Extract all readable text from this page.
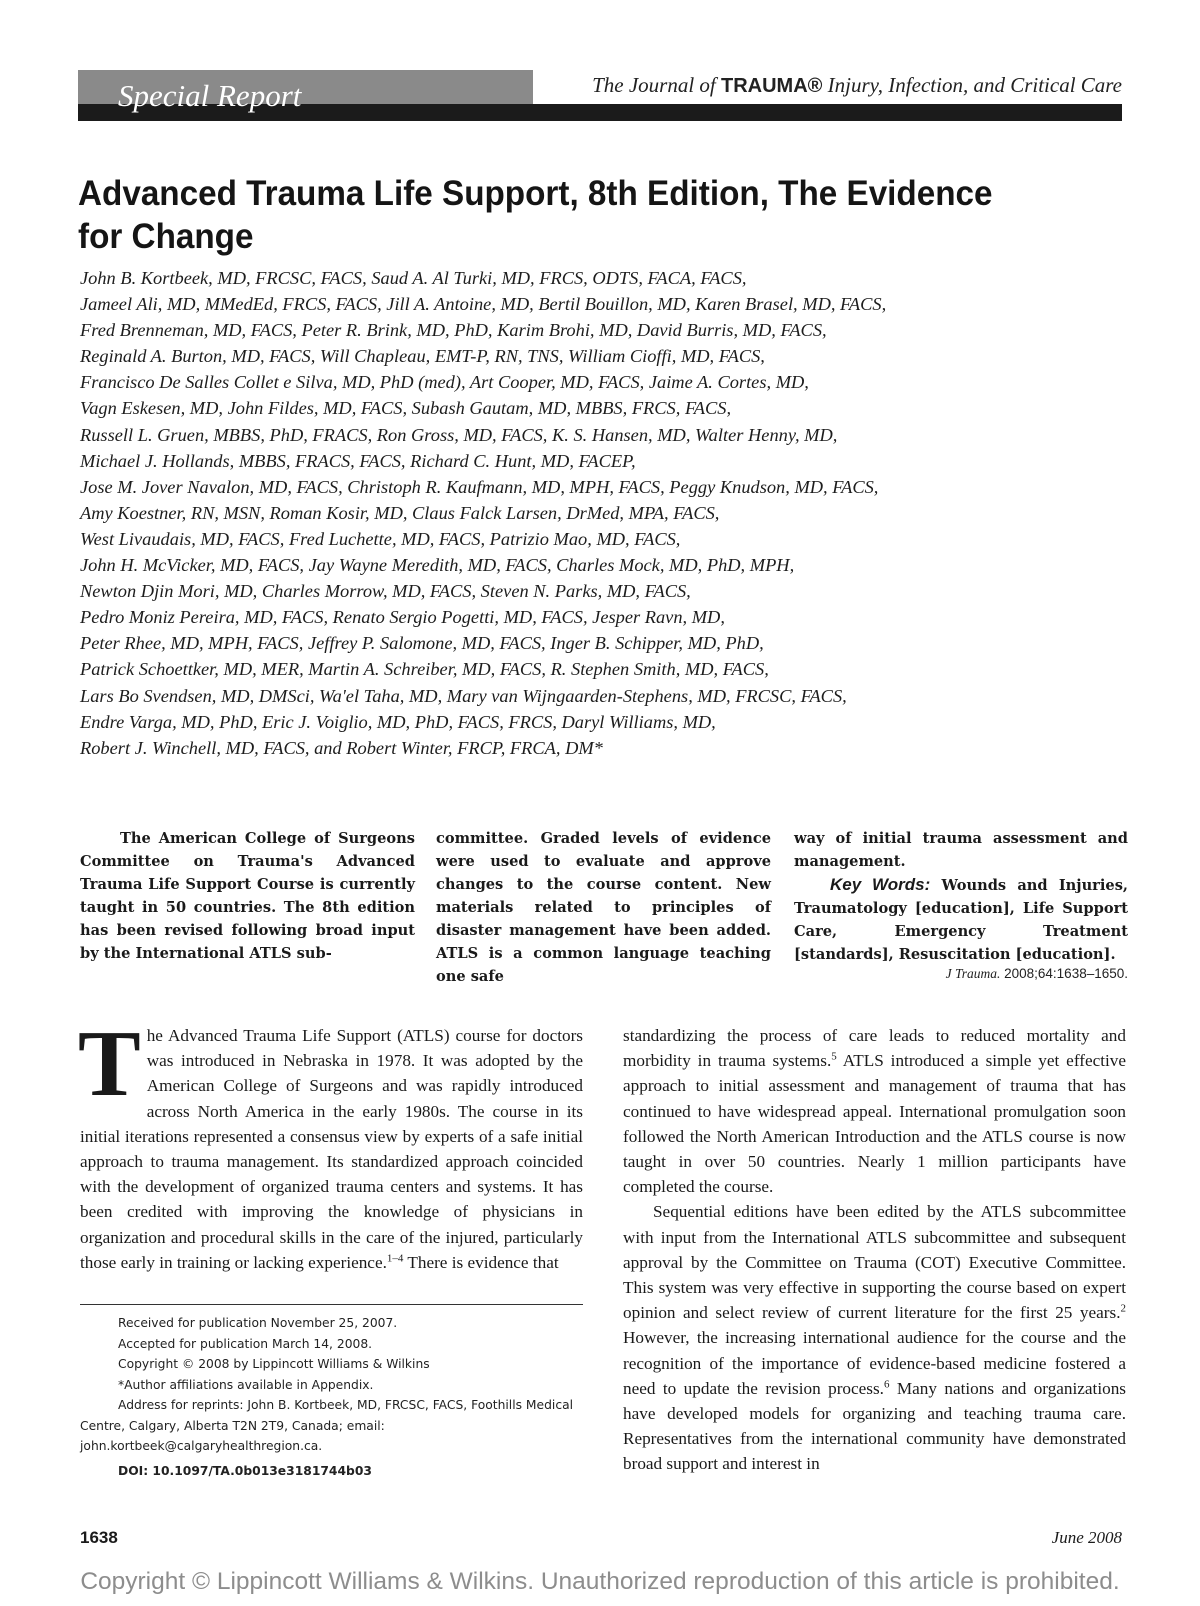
Special Report	The Journal of TRAUMA® Injury, Infection, and Critical Care
Advanced Trauma Life Support, 8th Edition, The Evidence
for Change
John B. Kortbeek, MD, FRCSC, FACS, Saud A. Al Turki, MD, FRCS, ODTS, FACA, FACS,
Jameel Ali, MD, MMedEd, FRCS, FACS, Jill A. Antoine, MD, Bertil Bouillon, MD, Karen Brasel, MD, FACS,
Fred Brenneman, MD, FACS, Peter R. Brink, MD, PhD, Karim Brohi, MD, David Burris, MD, FACS,
Reginald A. Burton, MD, FACS, Will Chapleau, EMT-P, RN, TNS, William Cioffi, MD, FACS,
Francisco De Salles Collet e Silva, MD, PhD (med), Art Cooper, MD, FACS, Jaime A. Cortes, MD,
Vagn Eskesen, MD, John Fildes, MD, FACS, Subash Gautam, MD, MBBS, FRCS, FACS,
Russell L. Gruen, MBBS, PhD, FRACS, Ron Gross, MD, FACS, K. S. Hansen, MD, Walter Henny, MD,
Michael J. Hollands, MBBS, FRACS, FACS, Richard C. Hunt, MD, FACEP,
Jose M. Jover Navalon, MD, FACS, Christoph R. Kaufmann, MD, MPH, FACS, Peggy Knudson, MD, FACS,
Amy Koestner, RN, MSN, Roman Kosir, MD, Claus Falck Larsen, DrMed, MPA, FACS,
West Livaudais, MD, FACS, Fred Luchette, MD, FACS, Patrizio Mao, MD, FACS,
John H. McVicker, MD, FACS, Jay Wayne Meredith, MD, FACS, Charles Mock, MD, PhD, MPH,
Newton Djin Mori, MD, Charles Morrow, MD, FACS, Steven N. Parks, MD, FACS,
Pedro Moniz Pereira, MD, FACS, Renato Sergio Pogetti, MD, FACS, Jesper Ravn, MD,
Peter Rhee, MD, MPH, FACS, Jeffrey P. Salomone, MD, FACS, Inger B. Schipper, MD, PhD,
Patrick Schoettker, MD, MER, Martin A. Schreiber, MD, FACS, R. Stephen Smith, MD, FACS,
Lars Bo Svendsen, MD, DMSci, Wa'el Taha, MD, Mary van Wijngaarden-Stephens, MD, FRCSC, FACS,
Endre Varga, MD, PhD, Eric J. Voiglio, MD, PhD, FACS, FRCS, Daryl Williams, MD,
Robert J. Winchell, MD, FACS, and Robert Winter, FRCP, FRCA, DM*
The American College of Surgeons Committee on Trauma's Advanced Trauma Life Support Course is currently taught in 50 countries. The 8th edition has been revised following broad input by the International ATLS sub-
committee. Graded levels of evidence were used to evaluate and approve changes to the course content. New materials related to principles of disaster management have been added. ATLS is a common language teaching one safe
way of initial trauma assessment and management.
Key Words: Wounds and Injuries, Traumatology [education], Life Support Care, Emergency Treatment [standards], Resuscitation [education].
J Trauma. 2008;64:1638–1650.
The Advanced Trauma Life Support (ATLS) course for doctors was introduced in Nebraska in 1978. It was adopted by the American College of Surgeons and was rapidly introduced across North America in the early 1980s. The course in its initial iterations represented a consensus view by experts of a safe initial approach to trauma management. Its standardized approach coincided with the development of organized trauma centers and systems. It has been credited with improving the knowledge of physicians in organization and procedural skills in the care of the injured, particularly those early in training or lacking experience.$^{1-4}$ There is evidence that
Received for publication November 25, 2007.
Accepted for publication March 14, 2008.
Copyright © 2008 by Lippincott Williams & Wilkins
*Author affiliations available in Appendix.
Address for reprints: John B. Kortbeek, MD, FRCSC, FACS, Foothills Medical Centre, Calgary, Alberta T2N 2T9, Canada; email: john.kortbeek@calgaryhealthregion.ca.
DOI: 10.1097/TA.0b013e3181744b03
standardizing the process of care leads to reduced mortality and morbidity in trauma systems.$^5$ ATLS introduced a simple yet effective approach to initial assessment and management of trauma that has continued to have widespread appeal. International promulgation soon followed the North American Introduction and the ATLS course is now taught in over 50 countries. Nearly 1 million participants have completed the course.
Sequential editions have been edited by the ATLS subcommittee with input from the International ATLS subcommittee and subsequent approval by the Committee on Trauma (COT) Executive Committee. This system was very effective in supporting the course based on expert opinion and select review of current literature for the first 25 years.$^2$ However, the increasing international audience for the course and the recognition of the importance of evidence-based medicine fostered a need to update the revision process.$^6$ Many nations and organizations have developed models for organizing and teaching trauma care. Representatives from the international community have demonstrated broad support and interest in
1638	June 2008
Copyright © Lippincott Williams & Wilkins. Unauthorized reproduction of this article is prohibited.
